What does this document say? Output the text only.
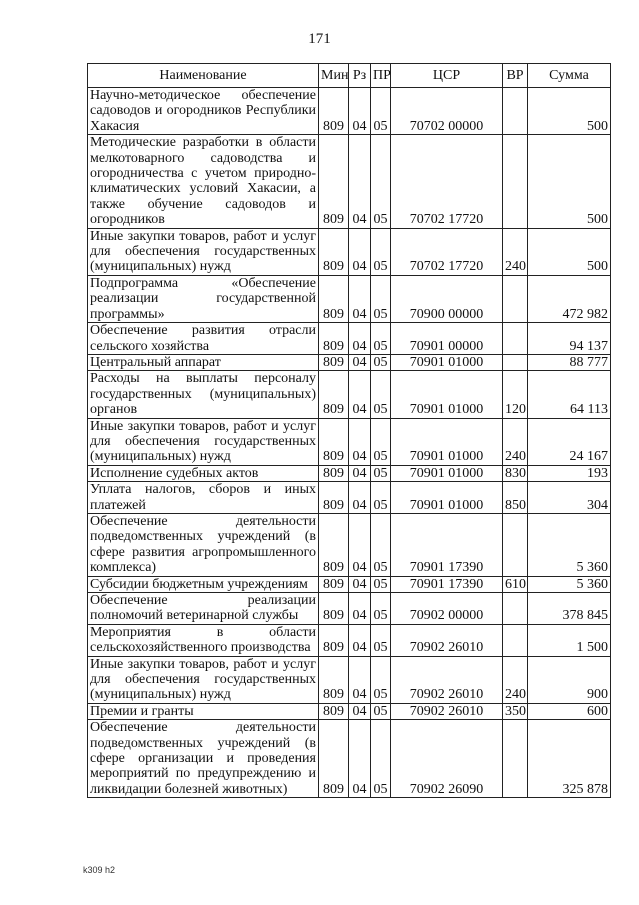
171
Наименование	Мин	Рз	ПР	ЦСР	ВР	Сумма
Научно-методическое обеспечение садоводов и огородников Республики Хакасия	809	04	05	70702 00000		500
Методические разработки в области мелкотоварного садоводства и огородничества с учетом природно-климатических условий Хакасии, а также обучение садоводов и огородников	809	04	05	70702 17720		500
Иные закупки товаров, работ и услуг для обеспечения государственных (муниципальных) нужд	809	04	05	70702 17720	240	500
Подпрограмма «Обеспечение реализации государственной программы»	809	04	05	70900 00000		472 982
Обеспечение развития отрасли сельского хозяйства	809	04	05	70901 00000		94 137
Центральный аппарат	809	04	05	70901 01000		88 777
Расходы на выплаты персоналу государственных (муниципальных) органов	809	04	05	70901 01000	120	64 113
Иные закупки товаров, работ и услуг для обеспечения государственных (муниципальных) нужд	809	04	05	70901 01000	240	24 167
Исполнение судебных актов	809	04	05	70901 01000	830	193
Уплата налогов, сборов и иных платежей	809	04	05	70901 01000	850	304
Обеспечение деятельности подведомственных учреждений (в сфере развития агропромышленного комплекса)	809	04	05	70901 17390		5 360
Субсидии бюджетным учреждениям	809	04	05	70901 17390	610	5 360
Обеспечение реализации полномочий ветеринарной службы	809	04	05	70902 00000		378 845
Мероприятия в области сельскохозяйственного производства	809	04	05	70902 26010		1 500
Иные закупки товаров, работ и услуг для обеспечения государственных (муниципальных) нужд	809	04	05	70902 26010	240	900
Премии и гранты	809	04	05	70902 26010	350	600
Обеспечение деятельности подведомственных учреждений (в сфере организации и проведения мероприятий по предупреждению и ликвидации болезней животных)	809	04	05	70902 26090		325 878
k309 h2
